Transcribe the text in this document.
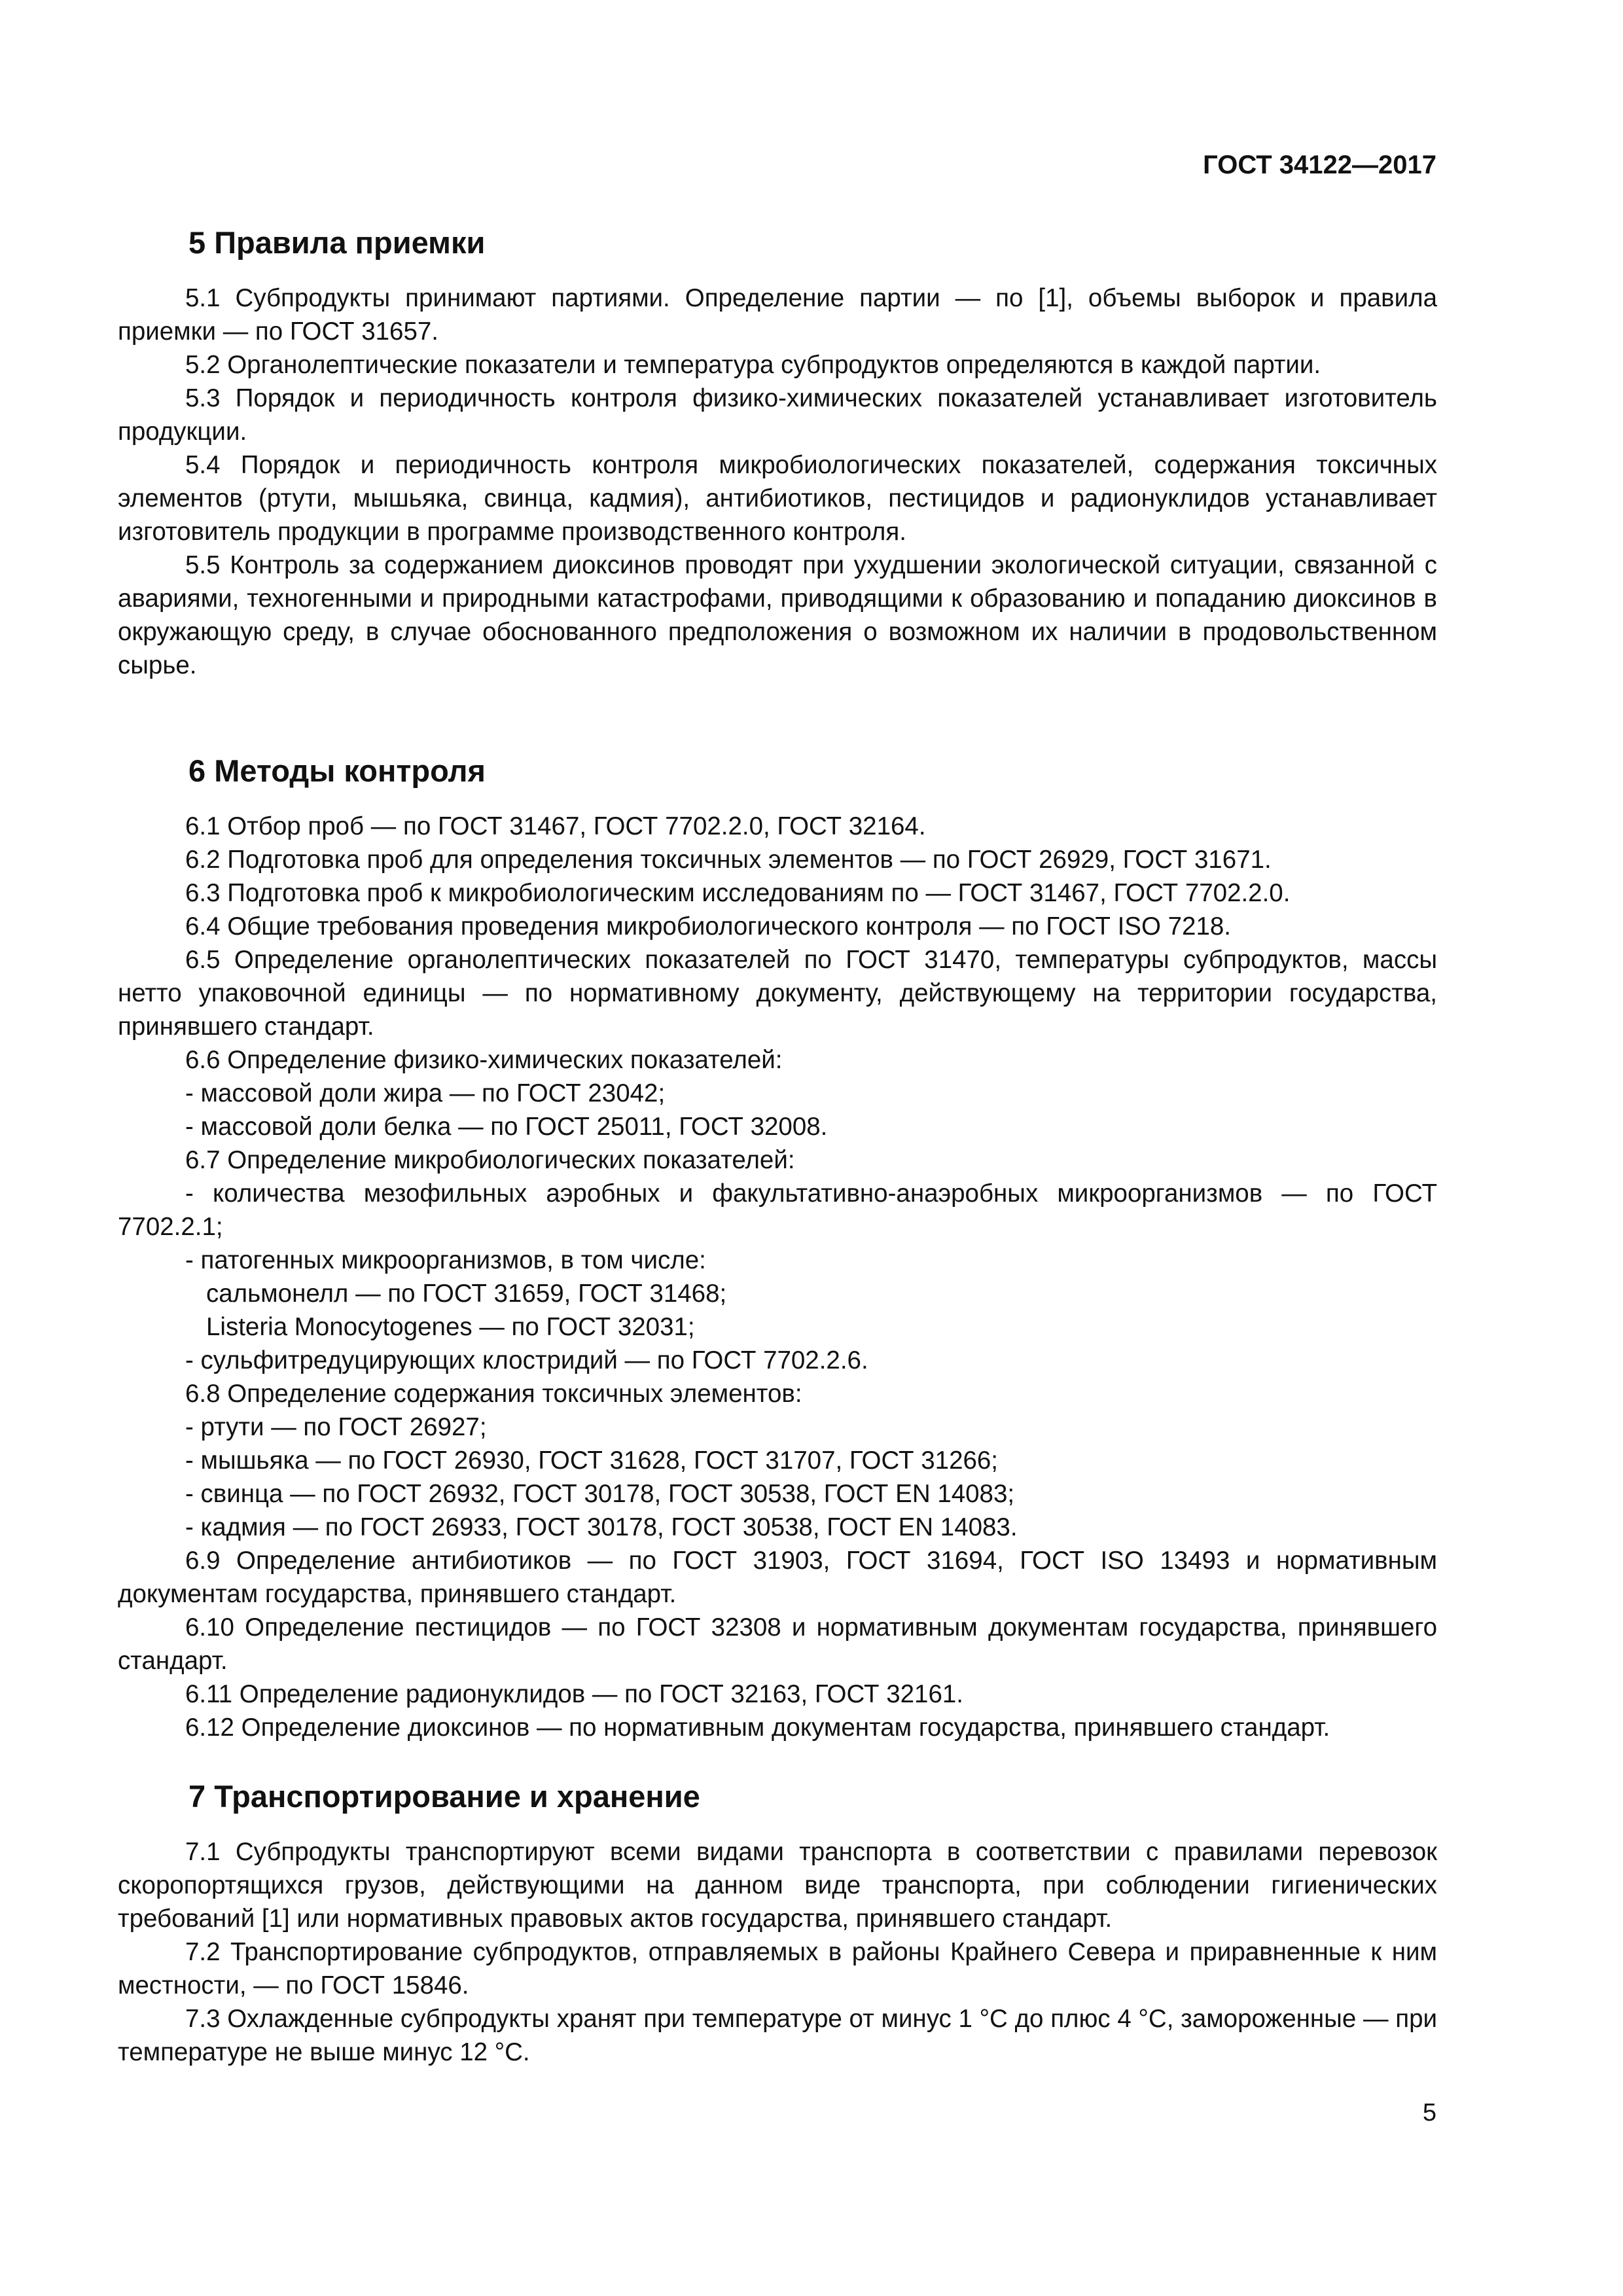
ГОСТ 34122—2017
5 Правила приемки

5.1 Субпродукты принимают партиями. Определение партии — по [1], объемы выборок и правила приемки — по ГОСТ 31657.

5.2 Органолептические показатели и температура субпродуктов определяются в каждой партии.

5.3 Порядок и периодичность контроля физико-химических показателей устанавливает изготовитель продукции.

5.4 Порядок и периодичность контроля микробиологических показателей, содержания токсичных элементов (ртути, мышьяка, свинца, кадмия), антибиотиков, пестицидов и радионуклидов устанавливает изготовитель продукции в программе производственного контроля.

5.5 Контроль за содержанием диоксинов проводят при ухудшении экологической ситуации, связанной с авариями, техногенными и природными катастрофами, приводящими к образованию и попаданию диоксинов в окружающую среду, в случае обоснованного предположения о возможном их наличии в продовольственном сырье.

6 Методы контроля

6.1 Отбор проб — по ГОСТ 31467, ГОСТ 7702.2.0, ГОСТ 32164.

6.2 Подготовка проб для определения токсичных элементов — по ГОСТ 26929, ГОСТ 31671.

6.3 Подготовка проб к микробиологическим исследованиям по — ГОСТ 31467, ГОСТ 7702.2.0.

6.4 Общие требования проведения микробиологического контроля — по ГОСТ ISO 7218.

6.5 Определение органолептических показателей по ГОСТ 31470, температуры субпродуктов, массы нетто упаковочной единицы — по нормативному документу, действующему на территории государства, принявшего стандарт.

6.6 Определение физико-химических показателей:

- массовой доли жира — по ГОСТ 23042;

- массовой доли белка — по ГОСТ 25011, ГОСТ 32008.

6.7 Определение микробиологических показателей:

- количества мезофильных аэробных и факультативно-анаэробных микроорганизмов — по ГОСТ 7702.2.1;

- патогенных микроорганизмов, в том числе:

сальмонелл — по ГОСТ 31659, ГОСТ 31468;

Listeria Monocytogenes — по ГОСТ 32031;

- сульфитредуцирующих клостридий — по ГОСТ 7702.2.6.

6.8 Определение содержания токсичных элементов:

- ртути — по ГОСТ 26927;

- мышьяка — по ГОСТ 26930, ГОСТ 31628, ГОСТ 31707, ГОСТ 31266;

- свинца — по ГОСТ 26932, ГОСТ 30178, ГОСТ 30538, ГОСТ EN 14083;

- кадмия — по ГОСТ 26933, ГОСТ 30178, ГОСТ 30538, ГОСТ EN 14083.

6.9 Определение антибиотиков — по ГОСТ 31903, ГОСТ 31694, ГОСТ ISO 13493 и нормативным документам государства, принявшего стандарт.

6.10 Определение пестицидов — по ГОСТ 32308 и нормативным документам государства, принявшего стандарт.

6.11 Определение радионуклидов — по ГОСТ 32163, ГОСТ 32161.

6.12 Определение диоксинов — по нормативным документам государства, принявшего стандарт.

7 Транспортирование и хранение

7.1 Субпродукты транспортируют всеми видами транспорта в соответствии с правилами перевозок скоропортящихся грузов, действующими на данном виде транспорта, при соблюдении гигиенических требований [1] или нормативных правовых актов государства, принявшего стандарт.

7.2 Транспортирование субпродуктов, отправляемых в районы Крайнего Севера и приравненные к ним местности, — по ГОСТ 15846.

7.3 Охлажденные субпродукты хранят при температуре от минус 1 °С до плюс 4 °С, замороженные — при температуре не выше минус 12 °С.

5
